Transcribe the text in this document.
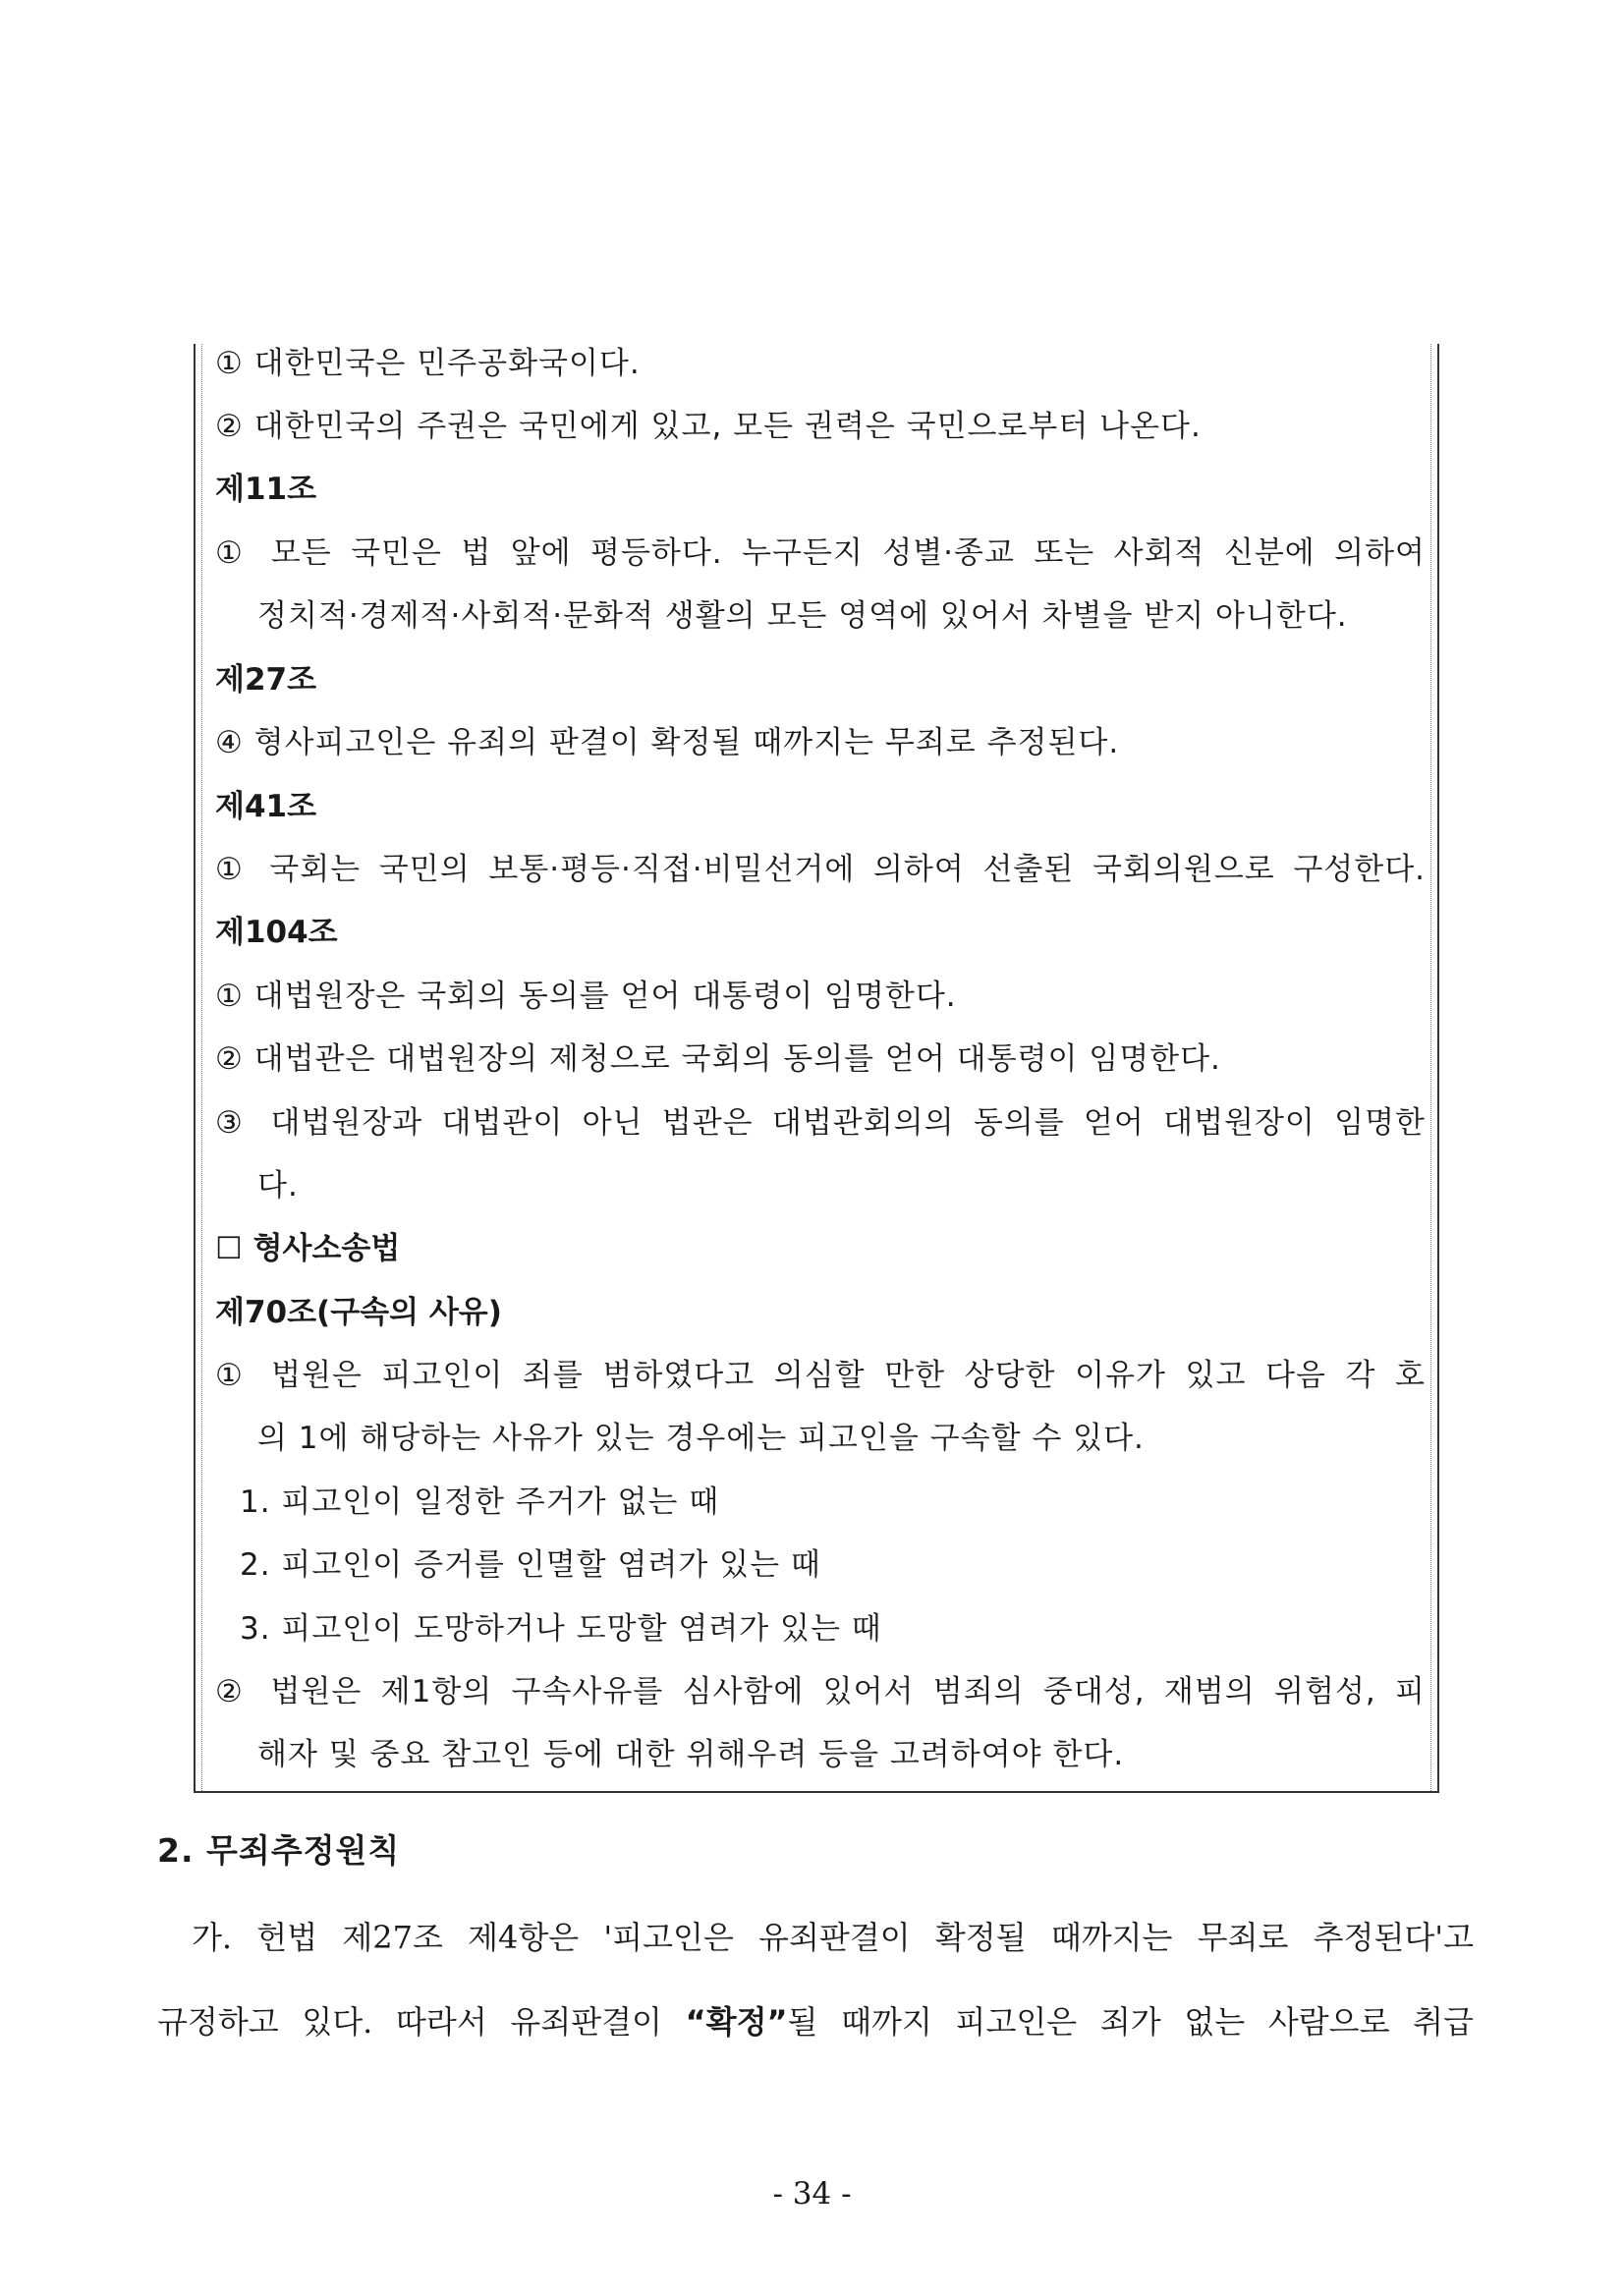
① 대한민국은 민주공화국이다.
② 대한민국의 주권은 국민에게 있고, 모든 권력은 국민으로부터 나온다.
제11조
① 모든 국민은 법 앞에 평등하다. 누구든지 성별·종교 또는 사회적 신분에 의하여
정치적·경제적·사회적·문화적 생활의 모든 영역에 있어서 차별을 받지 아니한다.
제27조
④ 형사피고인은 유죄의 판결이 확정될 때까지는 무죄로 추정된다.
제41조
① 국회는 국민의 보통·평등·직접·비밀선거에 의하여 선출된 국회의원으로 구성한다.
제104조
① 대법원장은 국회의 동의를 얻어 대통령이 임명한다.
② 대법관은 대법원장의 제청으로 국회의 동의를 얻어 대통령이 임명한다.
③ 대법원장과 대법관이 아닌 법관은 대법관회의의 동의를 얻어 대법원장이 임명한
다.
☐ 형사소송법
제70조(구속의 사유)
① 법원은 피고인이 죄를 범하였다고 의심할 만한 상당한 이유가 있고 다음 각 호
의 1에 해당하는 사유가 있는 경우에는 피고인을 구속할 수 있다.
1. 피고인이 일정한 주거가 없는 때
2. 피고인이 증거를 인멸할 염려가 있는 때
3. 피고인이 도망하거나 도망할 염려가 있는 때
② 법원은 제1항의 구속사유를 심사함에 있어서 범죄의 중대성, 재범의 위험성, 피
해자 및 중요 참고인 등에 대한 위해우려 등을 고려하여야 한다.
2. 무죄추정원칙
가. 헌법 제27조 제4항은 '피고인은 유죄판결이 확정될 때까지는 무죄로 추정된다'고
규정하고 있다. 따라서 유죄판결이 “확정”될 때까지 피고인은 죄가 없는 사람으로 취급
- 34 -
